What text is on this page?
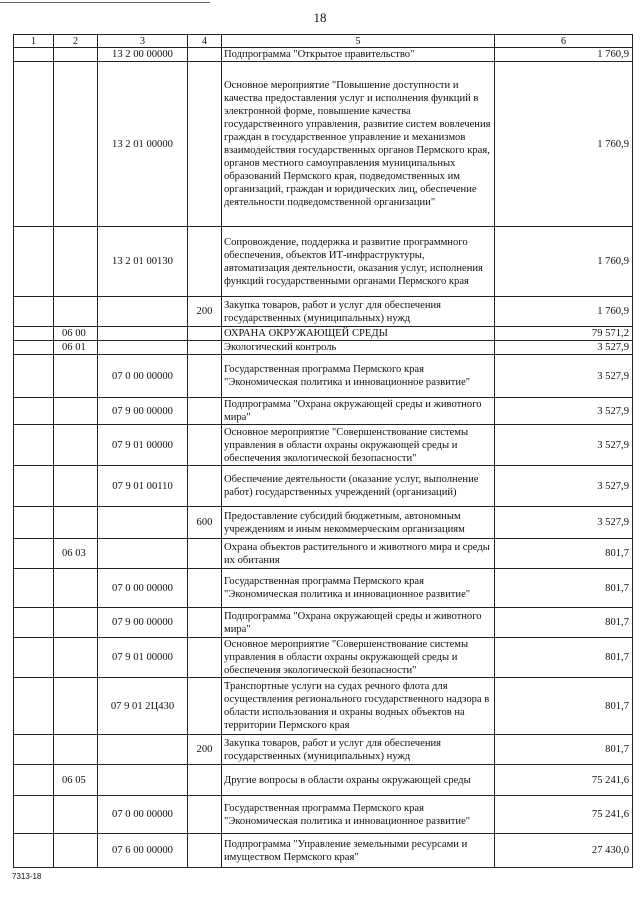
18
1	2	3	4	5	6
		13 2 00 00000		Подпрограмма "Открытое правительство"	1 760,9
		13 2 01 00000		Основное мероприятие "Повышение доступности и качества предоставления услуг и исполнения функций в электронной форме, повышение качества государственного управления, развитие систем вовлечения граждан в государственное управление и механизмов взаимодействия государственных органов Пермского края, органов местного самоуправления муниципальных образований Пермского края, подведомственных им организаций, граждан и юридических лиц, обеспечение деятельности подведомственной организации"	1 760,9
		13 2 01 00130		Сопровождение, поддержка и развитие программного обеспечения, объектов ИТ-инфраструктуры, автоматизация деятельности, оказания услуг, исполнения функций государственными органами Пермского края	1 760,9
			200	Закупка товаров, работ и услуг для обеспечения государственных (муниципальных) нужд	1 760,9
	06 00			ОХРАНА ОКРУЖАЮЩЕЙ СРЕДЫ	79 571,2
	06 01			Экологический контроль	3 527,9
		07 0 00 00000		Государственная программа Пермского края "Экономическая политика и инновационное развитие"	3 527,9
		07 9 00 00000		Подпрограмма "Охрана окружающей среды и животного мира"	3 527,9
		07 9 01 00000		Основное мероприятие "Совершенствование системы управления в области охраны окружающей среды и обеспечения экологической безопасности"	3 527,9
		07 9 01 00110		Обеспечение деятельности (оказание услуг, выполнение работ) государственных учреждений (организаций)	3 527,9
			600	Предоставление субсидий бюджетным, автономным учреждениям и иным некоммерческим организациям	3 527,9
	06 03			Охрана объектов растительного и животного мира и среды их обитания	801,7
		07 0 00 00000		Государственная программа Пермского края "Экономическая политика и инновационное развитие"	801,7
		07 9 00 00000		Подпрограмма "Охрана окружающей среды и животного мира"	801,7
		07 9 01 00000		Основное мероприятие "Совершенствование системы управления в области охраны окружающей среды и обеспечения экологической безопасности"	801,7
		07 9 01 2Ц430		Транспортные услуги на судах речного флота для осуществления регионального государственного надзора в области использования и охраны водных объектов на территории Пермского края	801,7
			200	Закупка товаров, работ и услуг для обеспечения государственных (муниципальных) нужд	801,7
	06 05			Другие вопросы в области охраны окружающей среды	75 241,6
		07 0 00 00000		Государственная программа Пермского края "Экономическая политика и инновационное развитие"	75 241,6
		07 6 00 00000		Подпрограмма "Управление земельными ресурсами и имуществом Пермского края"	27 430,0
7313-18
